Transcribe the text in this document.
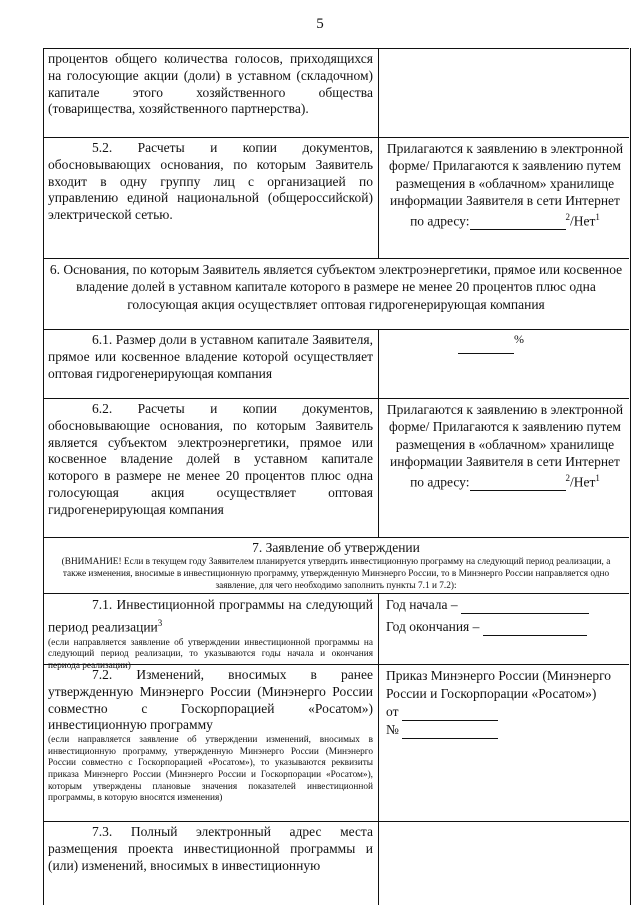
5

процентов общего количества голосов, приходящихся на голосующие акции (доли) в уставном (складочном) капитале этого хозяйственного общества (товарищества, хозяйственного партнерства).

5.2. Расчеты и копии документов, обосновывающих основания, по которым Заявитель входит в одну группу лиц с организацией по управлению единой национальной (общероссийской) электрической сетью.

Прилагаются к заявлению в электронной форме/ Прилагаются к заявлению путем размещения в «облачном» хранилище информации Заявителя в сети Интернет по адресу:	$^2$/Нет$^1$

6. Основания, по которым Заявитель является субъектом электроэнергетики, прямое или косвенное владение долей в уставном капитале которого в размере не менее 20 процентов плюс одна голосующая акция осуществляет оптовая гидрогенерирующая компания

6.1. Размер доли в уставном капитале Заявителя, прямое или косвенное владение которой осуществляет оптовая гидрогенерирующая компания

%

6.2. Расчеты и копии документов, обосновывающие основания, по которым Заявитель является субъектом электроэнергетики, прямое или косвенное владение долей в уставном капитале которого в размере не менее 20 процентов плюс одна голосующая акция осуществляет оптовая гидрогенерирующая компания

Прилагаются к заявлению в электронной форме/ Прилагаются к заявлению путем размещения в «облачном» хранилище информации Заявителя в сети Интернет по адресу:	$^2$/Нет$^1$

7. Заявление об утверждении

(ВНИМАНИЕ! Если в текущем году Заявителем планируется утвердить инвестиционную программу на следующий период реализации, а также изменения, вносимые в инвестиционную программу, утвержденную Минэнерго России, то в Минэнерго России направляется одно заявление, для чего необходимо заполнить пункты 7.1 и 7.2):

7.1. Инвестиционной программы на следующий период реализации$^3$

(если направляется заявление об утверждении инвестиционной программы на следующий период реализации, то указываются годы начала и окончания периода реализации)

Год начала –

Год окончания –

7.2. Изменений, вносимых в ранее утвержденную Минэнерго России (Минэнерго России совместно с Госкорпорацией «Росатом») инвестиционную программу

(если направляется заявление об утверждении изменений, вносимых в инвестиционную программу, утвержденную Минэнерго России (Минэнерго России совместно с Госкорпорацией «Росатом»), то указываются реквизиты приказа Минэнерго России (Минэнерго России и Госкорпорации «Росатом»), которым утверждены плановые значения показателей инвестиционной программы, в которую вносятся изменения)

Приказ Минэнерго России (Минэнерго России и Госкорпорации «Росатом»)

от

№

7.3. Полный электронный адрес места размещения проекта инвестиционной программы и (или) изменений, вносимых в инвестиционную
